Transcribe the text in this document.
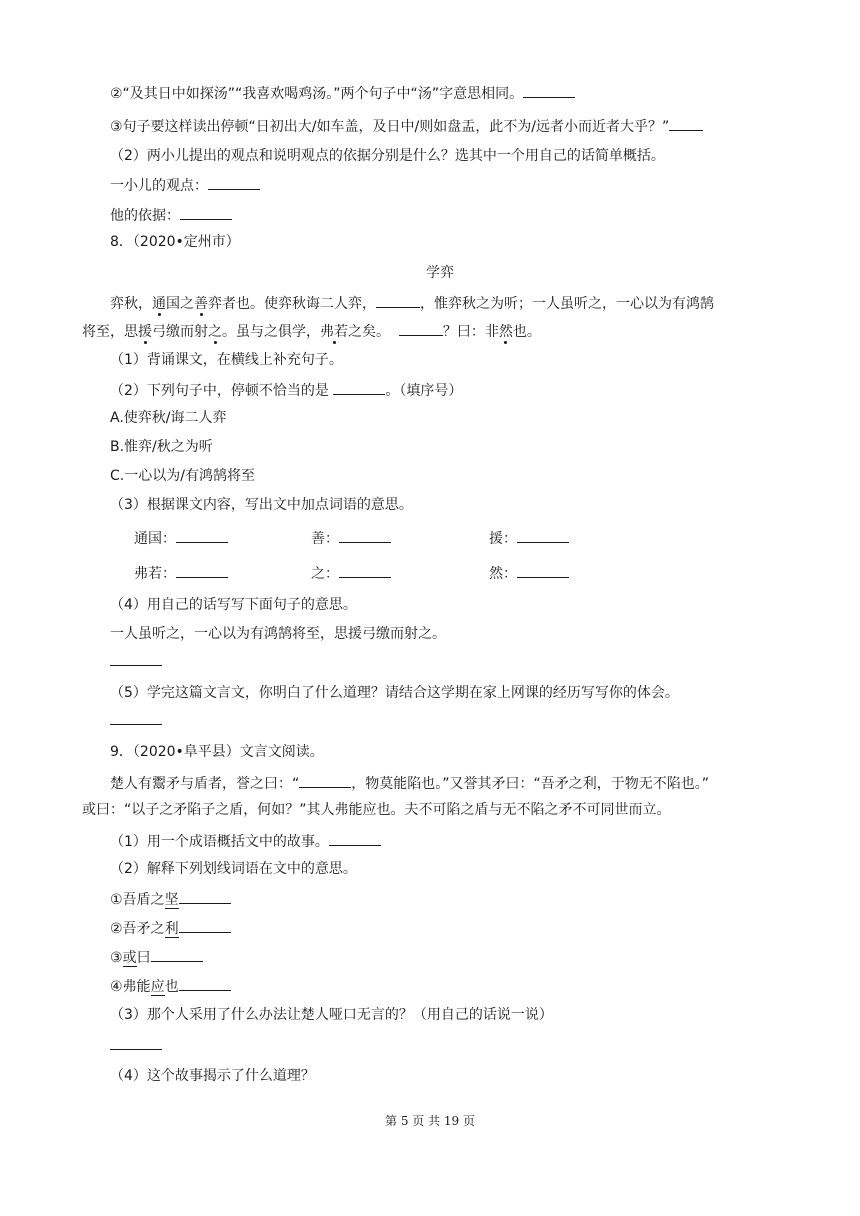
②“及其日中如探汤”“我喜欢喝鸡汤。”两个句子中“汤”字意思相同。
③句子要这样读出停顿“日初出大/如车盖，及日中/则如盘盂，此不为/远者小而近者大乎？”
（2）两小儿提出的观点和说明观点的依据分别是什么？选其中一个用自己的话简单概括。
一小儿的观点：
他的依据：
8．（2020•定州市）
学弈
弈秋，通国之善弈者也。使弈秋诲二人弈，	，惟弈秋之为听；一人虽听之，一心以为有鸿鹄
将至，思援弓缴而射之。虽与之俱学，弗若之矣。	？曰：非然也。
（1）背诵课文，在横线上补充句子。
（2）下列句子中，停顿不恰当的是	。（填序号）
A.使弈秋/诲二人弈
B.惟弈/秋之为听
C.一心以为/有鸿鹄将至
（3）根据课文内容，写出文中加点词语的意思。
通国：	善：	援：
弗若：	之：	然：
（4）用自己的话写写下面句子的意思。
一人虽听之，一心以为有鸿鹄将至，思援弓缴而射之。
（5）学完这篇文言文，你明白了什么道理？请结合这学期在家上网课的经历写写你的体会。
9．（2020•阜平县）文言文阅读。
楚人有鬻矛与盾者，誉之曰：“	，物莫能陷也。”又誉其矛曰：“吾矛之利，于物无不陷也。”
或曰：“以子之矛陷子之盾，何如？”其人弗能应也。夫不可陷之盾与无不陷之矛不可同世而立。
（1）用一个成语概括文中的故事。
（2）解释下列划线词语在文中的意思。
①吾盾之坚
②吾矛之利
③或曰
④弗能应也
（3）那个人采用了什么办法让楚人哑口无言的？（用自己的话说一说）
（4）这个故事揭示了什么道理？
第 5 页 共 19 页
